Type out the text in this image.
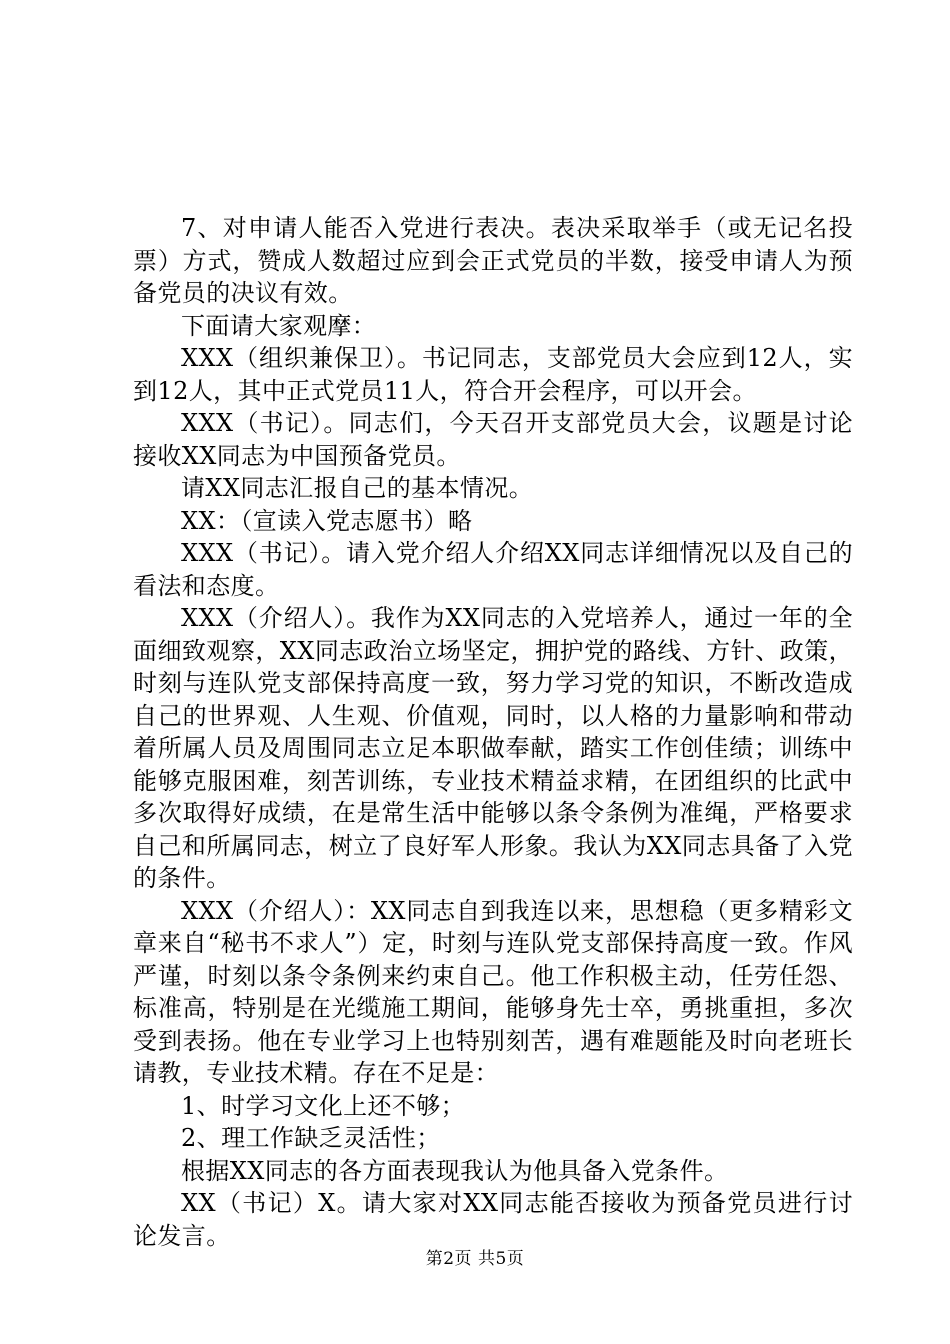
7、对申请人能否入党进行表决。表决采取举手（或无记名投票）方式，赞成人数超过应到会正式党员的半数，接受申请人为预备党员的决议有效。

下面请大家观摩：

XXX（组织兼保卫）。书记同志，支部党员大会应到12人，实到12人，其中正式党员11人，符合开会程序，可以开会。

XXX（书记）。同志们，今天召开支部党员大会，议题是讨论接收XX同志为中国预备党员。

请XX同志汇报自己的基本情况。

XX：（宣读入党志愿书）略

XXX（书记）。请入党介绍人介绍XX同志详细情况以及自己的看法和态度。

XXX（介绍人）。我作为XX同志的入党培养人，通过一年的全面细致观察，XX同志政治立场坚定，拥护党的路线、方针、政策，时刻与连队党支部保持高度一致，努力学习党的知识，不断改造成自己的世界观、人生观、价值观，同时，以人格的力量影响和带动着所属人员及周围同志立足本职做奉献，踏实工作创佳绩；训练中能够克服困难，刻苦训练，专业技术精益求精，在团组织的比武中多次取得好成绩，在是常生活中能够以条令条例为准绳，严格要求自己和所属同志，树立了良好军人形象。我认为XX同志具备了入党的条件。

XXX（介绍人）：XX同志自到我连以来，思想稳（更多精彩文章来自“秘书不求人”）定，时刻与连队党支部保持高度一致。作风严谨，时刻以条令条例来约束自己。他工作积极主动，任劳任怨、标准高，特别是在光缆施工期间，能够身先士卒，勇挑重担，多次受到表扬。他在专业学习上也特别刻苦，遇有难题能及时向老班长请教，专业技术精。存在不足是：

1、时学习文化上还不够；

2、理工作缺乏灵活性；

根据XX同志的各方面表现我认为他具备入党条件。

XX（书记）X。请大家对XX同志能否接收为预备党员进行讨论发言。

第2页 共5页
